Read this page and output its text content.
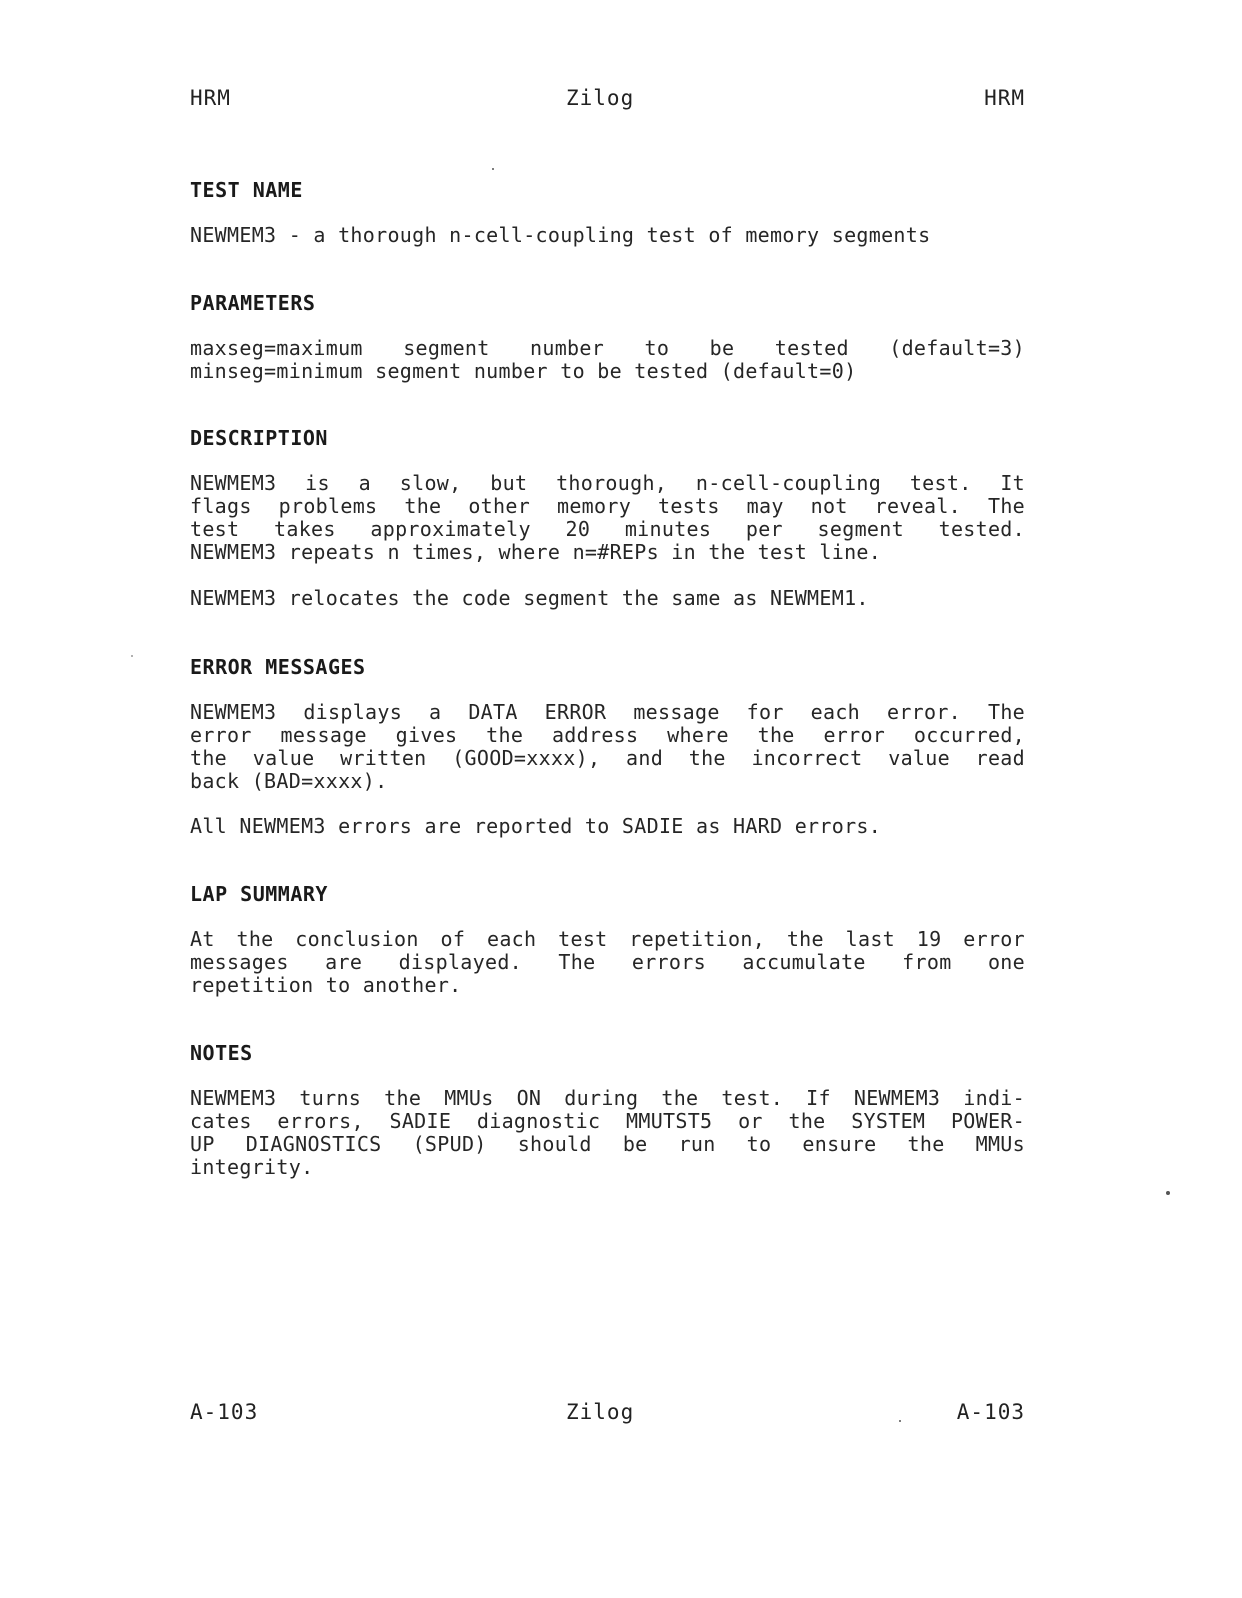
HRM	Zilog	HRM
TEST NAME
NEWMEM3 - a thorough n-cell-coupling test of memory segments
PARAMETERS
maxseg=maximum segment number to be tested (default=3)
minseg=minimum segment number to be tested (default=0)
DESCRIPTION
NEWMEM3 is a slow, but thorough, n-cell-coupling test. It
flags problems the other memory tests may not reveal. The
test takes approximately 20 minutes per segment tested.
NEWMEM3 repeats n times, where n=#REPs in the test line.
NEWMEM3 relocates the code segment the same as NEWMEM1.
ERROR MESSAGES
NEWMEM3 displays a DATA ERROR message for each error. The
error message gives the address where the error occurred,
the value written (GOOD=xxxx), and the incorrect value read
back (BAD=xxxx).
All NEWMEM3 errors are reported to SADIE as HARD errors.
LAP SUMMARY
At the conclusion of each test repetition, the last 19 error
messages are displayed. The errors accumulate from one
repetition to another.
NOTES
NEWMEM3 turns the MMUs ON during the test. If NEWMEM3 indi-
cates errors, SADIE diagnostic MMUTST5 or the SYSTEM POWER-
UP DIAGNOSTICS (SPUD) should be run to ensure the MMUs
integrity.
A-103	Zilog	A-103
